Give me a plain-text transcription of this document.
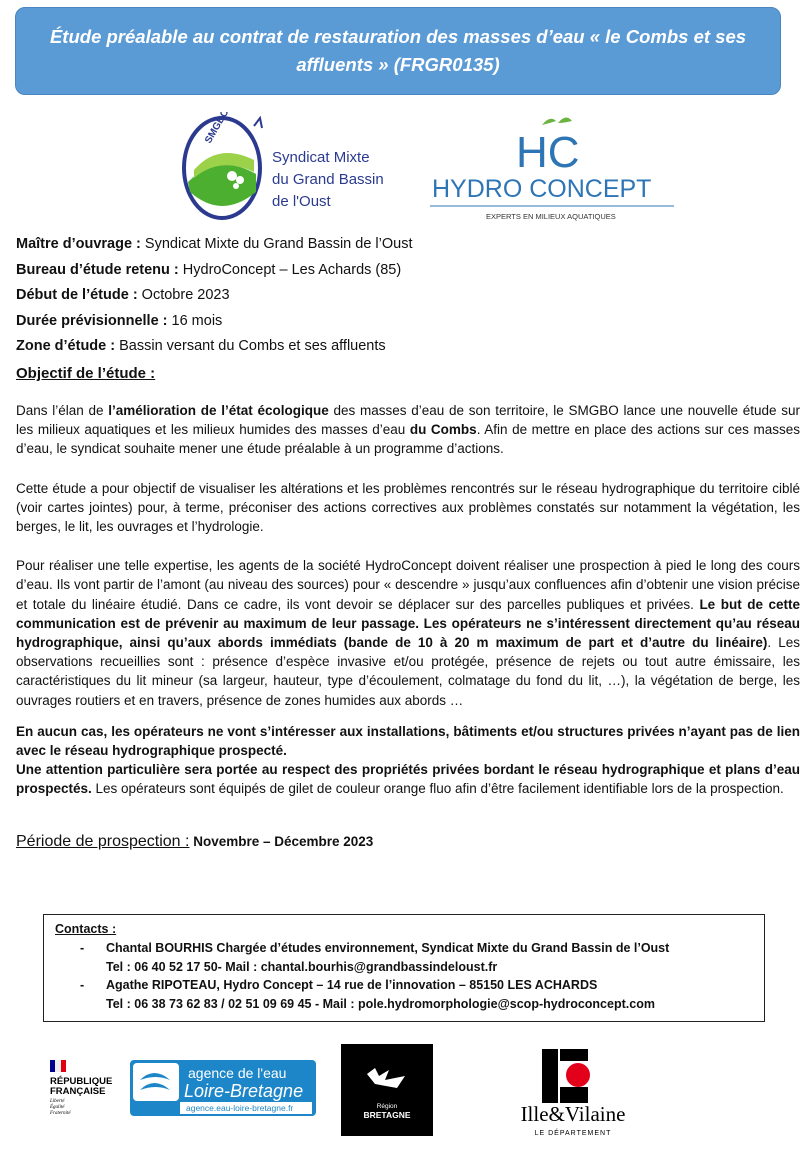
Étude préalable au contrat de restauration des masses d’eau « le Combs et ses affluents » (FRGR0135)
SMGBO
Syndicat Mixte
du Grand Bassin
de l'Oust
HC
HYDRO CONCEPT
EXPERTS EN MILIEUX AQUATIQUES

Maître d’ouvrage : Syndicat Mixte du Grand Bassin de l’Oust

Bureau d’étude retenu : HydroConcept – Les Achards (85)

Début de l’étude : Octobre 2023

Durée prévisionnelle : 16 mois

Zone d’étude : Bassin versant du Combs et ses affluents

Objectif de l’étude :

Dans l’élan de l’amélioration de l’état écologique des masses d’eau de son territoire, le SMGBO lance une nouvelle étude sur les milieux aquatiques et les milieux humides des masses d’eau du Combs. Afin de mettre en place des actions sur ces masses d’eau, le syndicat souhaite mener une étude préalable à un programme d’actions.

Cette étude a pour objectif de visualiser les altérations et les problèmes rencontrés sur le réseau hydrographique du territoire ciblé (voir cartes jointes) pour, à terme, préconiser des actions correctives aux problèmes constatés sur notamment la végétation, les berges, le lit, les ouvrages et l’hydrologie.

Pour réaliser une telle expertise, les agents de la société HydroConcept doivent réaliser une prospection à pied le long des cours d’eau. Ils vont partir de l’amont (au niveau des sources) pour « descendre » jusqu’aux confluences afin d’obtenir une vision précise et totale du linéaire étudié. Dans ce cadre, ils vont devoir se déplacer sur des parcelles publiques et privées. Le but de cette communication est de prévenir au maximum de leur passage. Les opérateurs ne s’intéressent directement qu’au réseau hydrographique, ainsi qu’aux abords immédiats (bande de 10 à 20 m maximum de part et d’autre du linéaire). Les observations recueillies sont : présence d’espèce invasive et/ou protégée, présence de rejets ou tout autre émissaire, les caractéristiques du lit mineur (sa largeur, hauteur, type d’écoulement, colmatage du fond du lit, …), la végétation de berge, les ouvrages routiers et en travers, présence de zones humides aux abords …

En aucun cas, les opérateurs ne vont s’intéresser aux installations, bâtiments et/ou structures privées n’ayant pas de lien avec le réseau hydrographique prospecté.

Une attention particulière sera portée au respect des propriétés privées bordant le réseau hydrographique et plans d’eau prospectés. Les opérateurs sont équipés de gilet de couleur orange fluo afin d’être facilement identifiable lors de la prospection.

Période de prospection : Novembre – Décembre 2023
Contacts :
-	Chantal BOURHIS Chargée d’études environnement, Syndicat Mixte du Grand Bassin de l’Oust
Tel : 06 40 52 17 50- Mail : chantal.bourhis@grandbassindeloust.fr
-	Agathe RIPOTEAU, Hydro Concept – 14 rue de l’innovation – 85150 LES ACHARDS
Tel : 06 38 73 62 83 / 02 51 09 69 45 - Mail : pole.hydromorphologie@scop-hydroconcept.com
RÉPUBLIQUE
FRANÇAISE
Liberté
Égalité
Fraternité
agence de l'eau
Loire-Bretagne
agence.eau-loire-bretagne.fr	Région
BRETAGNE	Ille&Vilaine
LE DÉPARTEMENT
